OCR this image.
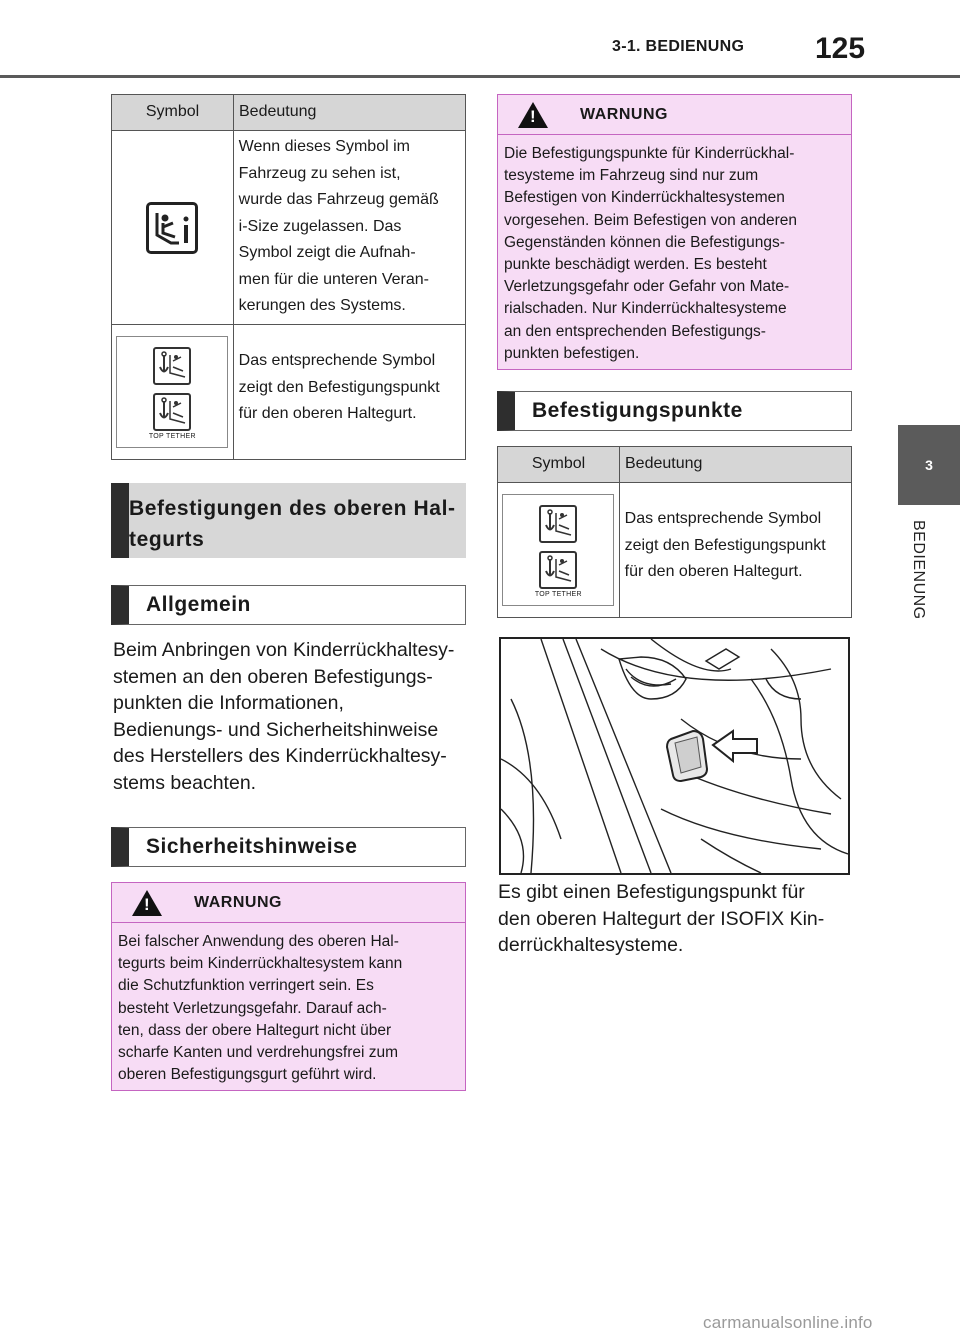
3-1. BEDIENUNG 125
3
BEDIENUNG
Symbol	Bedeutung
Wenn dieses Symbol im
Fahrzeug zu sehen ist,
wurde das Fahrzeug gemäß
i-Size zugelassen. Das
Symbol zeigt die Aufnah-
men für die unteren Veran-
kerungen des Systems.
TOP TETHER
Das entsprechende Symbol
zeigt den Befestigungspunkt
für den oberen Haltegurt.
Befestigungen des oberen Hal-
tegurts
Allgemein
Beim Anbringen von Kinderrückhaltesy-
stemen an den oberen Befestigungs-
punkten die Informationen,
Bedienungs- und Sicherheitshinweise
des Herstellers des Kinderrückhaltesy-
stems beachten.
Sicherheitshinweise
!
WARNUNG
Bei falscher Anwendung des oberen Hal-
tegurts beim Kinderrückhaltesystem kann
die Schutzfunktion verringert sein. Es
besteht Verletzungsgefahr. Darauf ach-
ten, dass der obere Haltegurt nicht über
scharfe Kanten und verdrehungsfrei zum
oberen Befestigungsgurt geführt wird.
!
WARNUNG
Die Befestigungspunkte für Kinderrückhal-
tesysteme im Fahrzeug sind nur zum
Befestigen von Kinderrückhaltesystemen
vorgesehen. Beim Befestigen von anderen
Gegenständen können die Befestigungs-
punkte beschädigt werden. Es besteht
Verletzungsgefahr oder Gefahr von Mate-
rialschaden. Nur Kinderrückhaltesysteme
an den entsprechenden Befestigungs-
punkten befestigen.
Befestigungspunkte
Symbol	Bedeutung
TOP TETHER
Das entsprechende Symbol
zeigt den Befestigungspunkt
für den oberen Haltegurt.
Es gibt einen Befestigungspunkt für
den oberen Haltegurt der ISOFIX Kin-
derrückhaltesysteme.
carmanualsonline.info
